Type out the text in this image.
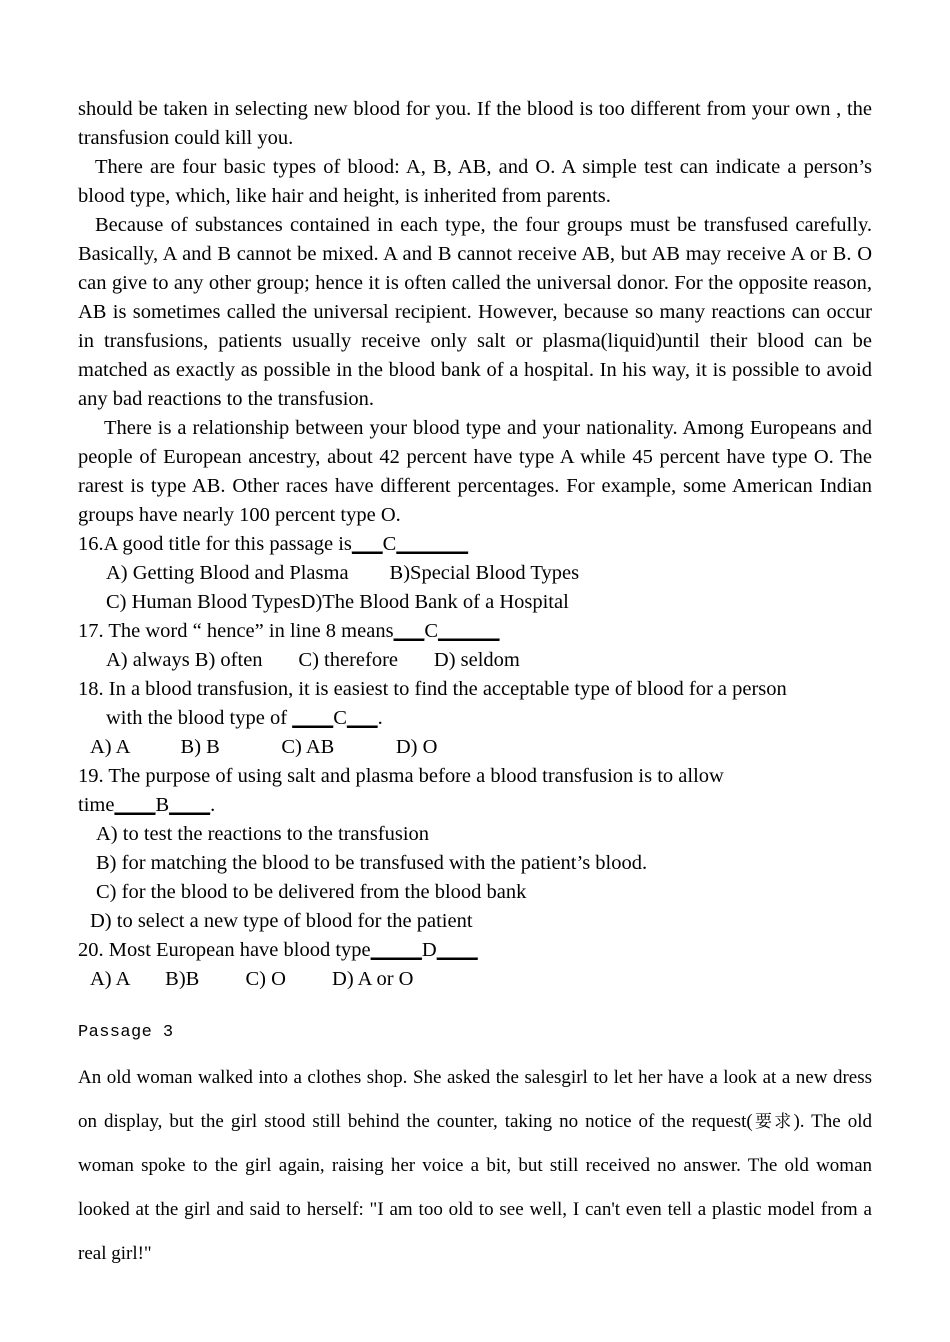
should be taken in selecting new blood for you. If the blood is too different from your own , the transfusion could kill you.

There are four basic types of blood: A, B, AB, and O. A simple test can indicate a person’s blood type, which, like hair and height, is inherited from parents.

Because of substances contained in each type, the four groups must be transfused carefully. Basically, A and B cannot be mixed. A and B cannot receive AB, but AB may receive A or B. O can give to any other group; hence it is often called the universal donor. For the opposite reason, AB is sometimes called the universal recipient. However, because so many reactions can occur in transfusions, patients usually receive only salt or plasma(liquid)until their blood can be matched as exactly as possible in the blood bank of a hospital. In his way, it is possible to avoid any bad reactions to the transfusion.

There is a relationship between your blood type and your nationality. Among Europeans and people of European ancestry, about 42 percent have type A while 45 percent have type O. The rarest is type AB. Other races have different percentages. For example, some American Indian groups have nearly 100 percent type O.

16.A good title for this passage is___C_______
A) Getting Blood and Plasma        B)Special Blood Types
C) Human Blood TypesD)The Blood Bank of a Hospital
17. The word “ hence” in line 8 means___C______
A) always B) often       C) therefore       D) seldom
18. In a blood transfusion, it is easiest to find the acceptable type of blood for a person
with the blood type of ____C___.
A) A          B) B            C) AB            D) O
19. The purpose of using salt and plasma before a blood transfusion is to allow
time____B____.
A) to test the reactions to the transfusion
B) for matching the blood to be transfused with the patient’s blood.
C) for the blood to be delivered from the blood bank
D) to select a new type of blood for the patient
20. Most European have blood type_____D____
A) A       B)B         C) O         D) A or O
Passage 3

An old woman walked into a clothes shop. She asked the salesgirl to let her have a look at a new dress on display, but the girl stood still behind the counter, taking no notice of the request(要求). The old woman spoke to the girl again, raising her voice a bit, but still received no answer. The old woman looked at the girl and said to herself: "I am too old to see well, I can't even tell a plastic model from a real girl!"
